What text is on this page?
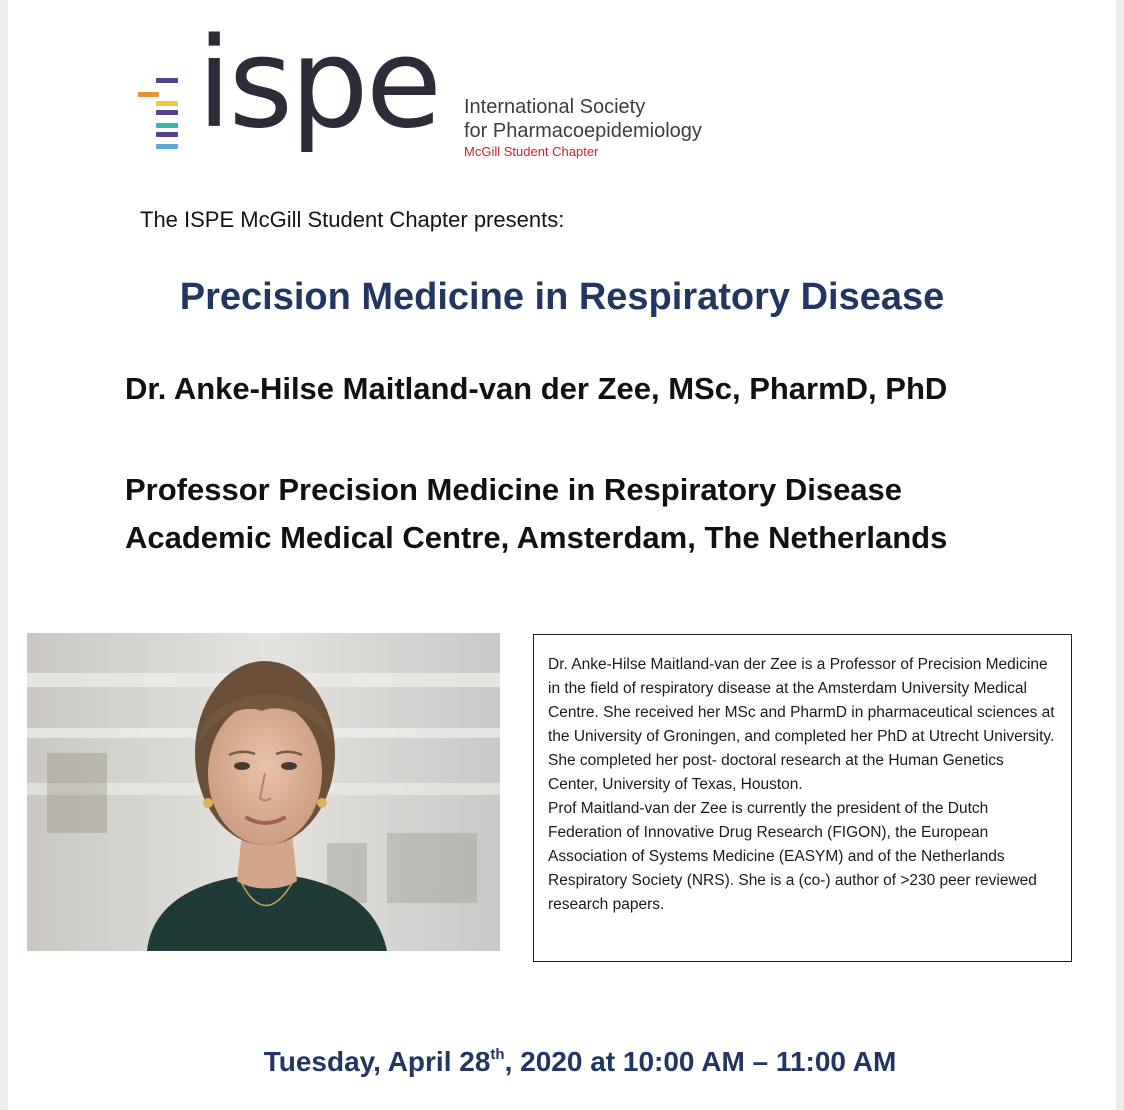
ispe International Society
for Pharmacoepidemiology
McGill Student Chapter
The ISPE McGill Student Chapter presents:
Precision Medicine in Respiratory Disease
Dr. Anke-Hilse Maitland-van der Zee, MSc, PharmD, PhD
Professor Precision Medicine in Respiratory Disease
Academic Medical Centre, Amsterdam, The Netherlands
Dr. Anke-Hilse Maitland-van der Zee is a Professor of Precision Medicine in the field of respiratory disease at the Amsterdam University Medical Centre. She received her MSc and PharmD in pharmaceutical sciences at the University of Groningen, and completed her PhD at Utrecht University. She completed her post- doctoral research at the Human Genetics Center, University of Texas, Houston.
Prof Maitland-van der Zee is currently the president of the Dutch Federation of Innovative Drug Research (FIGON), the European Association of Systems Medicine (EASYM) and of the Netherlands Respiratory Society (NRS). She is a (co-) author of >230 peer reviewed research papers.
Tuesday, April 28th, 2020 at 10:00 AM – 11:00 AM
